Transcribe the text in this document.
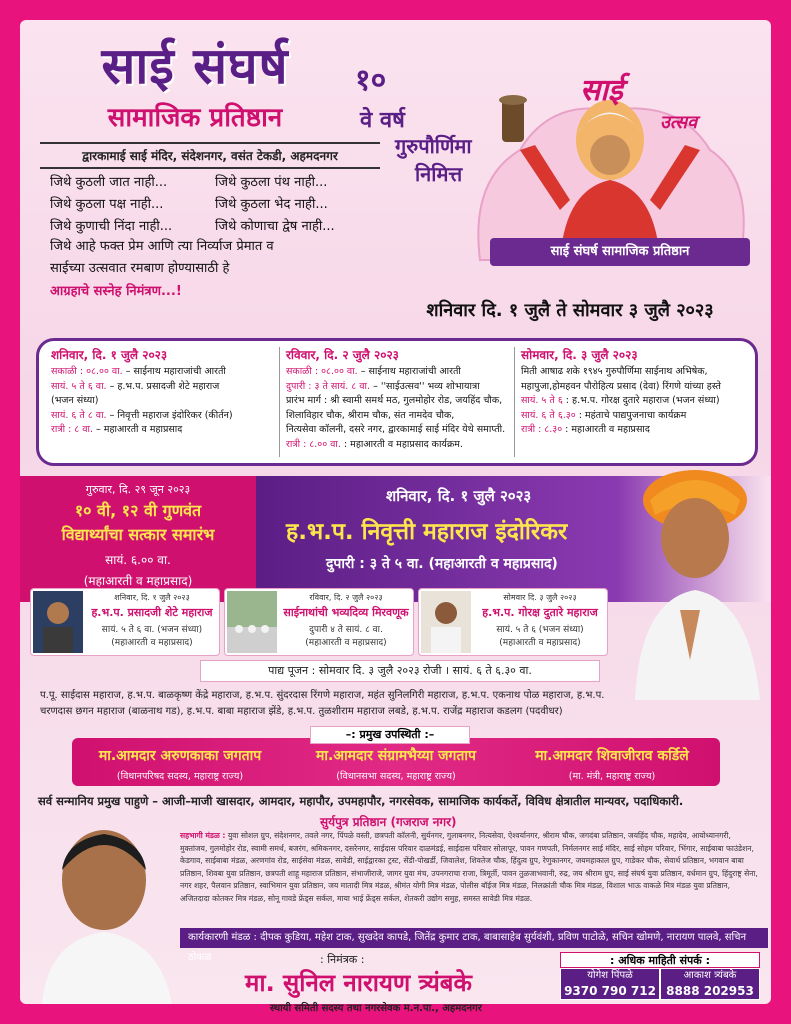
साई संघर्ष
सामाजिक प्रतिष्ठान
द्वारकामाई साई मंदिर, संदेशनगर, वसंत टेकडी, अहमदनगर
जिथे कुठली जात नाही...	जिथे कुठला पंथ नाही...
जिथे कुठला पक्ष नाही...	जिथे कुठला भेद नाही...
जिथे कुणाची निंदा नाही...	जिथे कोणाचा द्वेष नाही...
जिथे आहे फक्त प्रेम आणि त्या निर्व्याज प्रेमात व
साईच्या उत्सवात रमबाण होण्यासाठी हे
आग्रहाचे सस्नेह निमंत्रण...!
१०
वे वर्ष
गुरुपौर्णिमा
निमित्त
साई
उत्सव
साई संघर्ष सामाजिक प्रतिष्ठान
शनिवार दि. १ जुलै ते सोमवार ३ जुलै २०२३
शनिवार, दि. १ जुलै २०२३
सकाळी : ०८.०० वा. – साईनाथ महाराजांची आरती
सायं. ५ ते ६ वा. – ह.भ.प. प्रसादजी शेटे महाराज
(भजन संध्या)
सायं. ६ ते ८ वा. – निवृत्ती महाराज इंदोरिकर (कीर्तन)
रात्री : ८ वा. – महाआरती व महाप्रसाद
रविवार, दि. २ जुलै २०२३
सकाळी : ०८.०० वा. – साईनाथ महाराजांची आरती
दुपारी : ३ ते सायं. ८ वा. – ''साईउत्सव'' भव्य शोभायात्रा
प्रारंभ मार्ग : श्री स्वामी समर्थ मठ, गुलमोहोर रोड, जयहिंद चौक,
शिलाविहार चौक, श्रीराम चौक, संत नामदेव चौक,
नित्यसेवा कॉलनी, दसरे नगर, द्वारकामाई साई मंदिर येथे समाप्ती.
रात्री : ८.०० वा. : महाआरती व महाप्रसाद कार्यक्रम.
सोमवार, दि. ३ जुलै २०२३
मिती आषाढ शके १९४५ गुरुपौर्णिमा साईनाथ अभिषेक,
महापुजा,होमहवन पौरोहित्य प्रसाद (देवा) रिंगणे यांच्या हस्ते
सायं. ५ ते ६ : ह.भ.प. गोरक्ष दुतारे महाराज (भजन संध्या)
सायं. ६ ते ६.३० : महंताचे पाद्यपुजनाचा कार्यक्रम
रात्री : ८.३० : महाआरती व महाप्रसाद
गुरुवार, दि. २९ जून २०२३
१० वी, १२ वी गुणवंत
विद्यार्थ्यांचा सत्कार समारंभ
सायं. ६.०० वा.
(महाआरती व महाप्रसाद)
शनिवार, दि. १ जुलै २०२३
ह.भ.प. निवृत्ती महाराज इंदोरिकर
दुपारी : ३ ते ५ वा. (महाआरती व महाप्रसाद)
शनिवार, दि. १ जुलै २०२३
ह.भ.प. प्रसादजी शेटे महाराज
सायं. ५ ते ६ वा. (भजन संध्या)
(महाआरती व महाप्रसाद)
रविवार, दि. २ जुलै २०२३
साईनाथांची भव्यदिव्य मिरवणूक
दुपारी ४ ते सायं. ८ वा.
(महाआरती व महाप्रसाद)
सोमवार दि. ३ जुलै २०२३
ह.भ.प. गोरक्ष दुतारे महाराज
सायं. ५ ते ६ (भजन संध्या)
(महाआरती व महाप्रसाद)
पाद्य पूजन : सोमवार दि. ३ जुलै २०२३ रोजी । सायं. ६ ते ६.३० वा.
प.पू. साईदास महाराज, ह.भ.प. बाळकृष्ण केंद्रे महाराज, ह.भ.प. सुंदरदास रिंगणे महाराज, महंत सुनिलगिरी महाराज, ह.भ.प. एकनाथ पोळ महाराज, ह.भ.प. चरणदास छगन महाराज (बाळनाथ गड), ह.भ.प. बाबा महाराज झेंडे, ह.भ.प. तुळशीराम महाराज लबडे, ह.भ.प. राजेंद्र महाराज कडलग (पदवीधर)
मा.आमदार अरुणकाका जगताप
(विधानपरिषद सदस्य, महाराष्ट्र राज्य)
मा.आमदार संग्रामभैय्या जगताप
(विधानसभा सदस्य, महाराष्ट्र राज्य)
मा.आमदार शिवाजीराव कर्डिले
(मा. मंत्री, महाराष्ट्र राज्य)
–: प्रमुख उपस्थिती :–
सर्व सन्मानिय प्रमुख पाहुणे – आजी–माजी खासदार, आमदार, महापौर, उपमहापौर, नगरसेवक, सामाजिक कार्यकर्ते, विविध क्षेत्रातील मान्यवर, पदाधिकारी.
सुर्यपुत्र प्रतिष्ठान (गजराज नगर)
सहभागी मंडळ : युवा सोशल ग्रुप, संदेशनगर, तवले नगर, पिंपळे वस्ती, छत्रपती कॉलनी, सुर्यनगर, गुलाबनगर, नित्यसेवा, ऐश्वर्यानगर, श्रीराम चौक, जगदंबा प्रतिष्ठान, जयहिंद चौक, महादेव, आयोध्यानगरी, मुक्तांजय, गुलमोहोर रोड, स्वामी समर्थ, बजरंग, श्रमिकनगर, दसरेनगर, साईदास परिवार दाळमंडई, साईदास परिवार सोलापूर, पावन गणपती, निर्मलनगर साई मंदिर, साई सोहम परिवार, भिंगार, साईबाबा फाउंडेशन, केडगाव, साईबाबा मंडळ, अरणगांव रोड, साईसेवा मंडळ, सावेडी, साईद्वारका ट्रस्ट, सेंडी-पोखर्डी, जिवालेश, शिवतेज चौक, हिंदुत्व ग्रुप, रेणुकानगर, जयमहाकाल ग्रुप, गाडेकर चौक, सेवार्थ प्रतिष्ठान, भगवान बाबा प्रतिष्ठान, शिवबा युवा प्रतिष्ठान, छत्रपती शाहू महाराज प्रतिष्ठान, संभाजीराजे, जागर युवा मंच, उपनगराचा राजा, त्रिमूर्ती, पावन तुळजाभवानी, रुद्र, जय श्रीराम ग्रुप, साई संघर्ष युवा प्रतिष्ठान, वर्धमान ग्रुप, हिंदुराष्ट्र सेना, नगर शहर, पैलवान प्रतिष्ठान, स्वाभिमान युवा प्रतिष्ठान, जय मातादी मित्र मंडळ, श्रीमंत योगी मित्र मंडळ, पोलीस बॉईज मित्र मंडळ, निलक्रांती चौक मित्र मंडळ, विशाल भाऊ वाकळे मित्र मंडळ युवा प्रतिष्ठान, अजितदादा कोतकर मित्र मंडळ, सोनू गावडे फ्रेंड्स सर्कल, माया भाई फ्रेंड्स सर्कल, शेतकरी उद्योग समुह, समस्त सावेडी मित्र मंडळ.
कार्यकारणी मंडळ : दीपक कुडिया, महेश टाक, सुखदेव कापडे, जितेंद्र कुमार टाक, बाबासाहेब सुर्यवंशी, प्रविण पाटोळे, सचिन खोमणे, नारायण पालवे, सचिन ठोकळ	: निमंत्रक :
मा. सुनिल नारायण त्र्यंबके
स्थायी समिती सदस्य तथा नगरसेवक म.न.पा., अहमदनगर
: अधिक माहिती संपर्क :
योगेश पिंपळे
9370 790 712
आकाश त्र्यंबके
8888 202953
